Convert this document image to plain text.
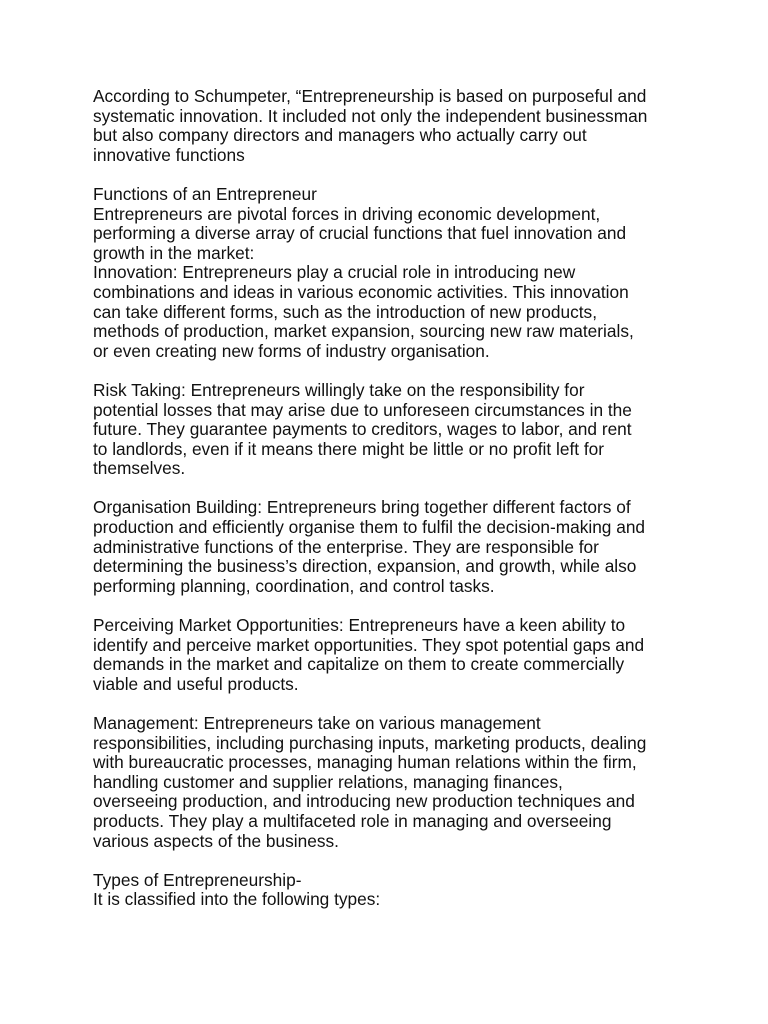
According to Schumpeter, “Entrepreneurship is based on purposeful and
systematic innovation. It included not only the independent businessman
but also company directors and managers who actually carry out
innovative functions
Functions of an Entrepreneur
Entrepreneurs are pivotal forces in driving economic development,
performing a diverse array of crucial functions that fuel innovation and
growth in the market:
Innovation: Entrepreneurs play a crucial role in introducing new
combinations and ideas in various economic activities. This innovation
can take different forms, such as the introduction of new products,
methods of production, market expansion, sourcing new raw materials,
or even creating new forms of industry organisation.
Risk Taking: Entrepreneurs willingly take on the responsibility for
potential losses that may arise due to unforeseen circumstances in the
future. They guarantee payments to creditors, wages to labor, and rent
to landlords, even if it means there might be little or no profit left for
themselves.
Organisation Building: Entrepreneurs bring together different factors of
production and efficiently organise them to fulfil the decision-making and
administrative functions of the enterprise. They are responsible for
determining the business’s direction, expansion, and growth, while also
performing planning, coordination, and control tasks.
Perceiving Market Opportunities: Entrepreneurs have a keen ability to
identify and perceive market opportunities. They spot potential gaps and
demands in the market and capitalize on them to create commercially
viable and useful products.
Management: Entrepreneurs take on various management
responsibilities, including purchasing inputs, marketing products, dealing
with bureaucratic processes, managing human relations within the firm,
handling customer and supplier relations, managing finances,
overseeing production, and introducing new production techniques and
products. They play a multifaceted role in managing and overseeing
various aspects of the business.
Types of Entrepreneurship-
It is classified into the following types:
